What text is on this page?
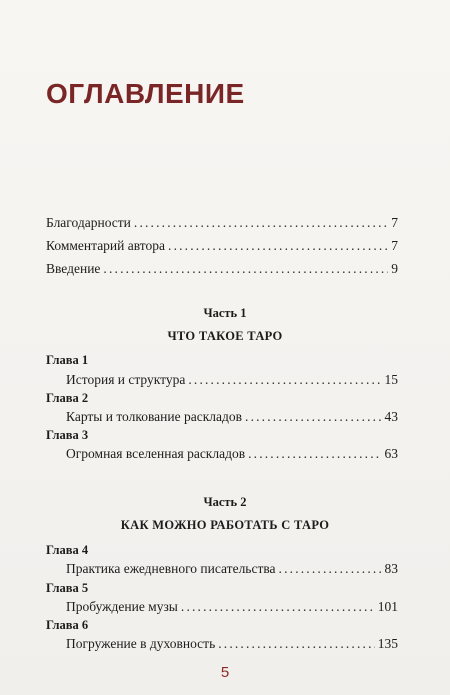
ОГЛАВЛЕНИЕ
Благодарности . . .	7
Комментарий автора . . .	7
Введение . . .	9
Часть 1
ЧТО ТАКОЕ ТАРО
Глава 1
История и структура . . .	15
Глава 2
Карты и толкование раскладов . . .	43
Глава 3
Огромная вселенная раскладов . . .	63
Часть 2
КАК МОЖНО РАБОТАТЬ С ТАРО
Глава 4
Практика ежедневного писательства . . .	83
Глава 5
Пробуждение музы . . .	101
Глава 6
Погружение в духовность . . .	135
5
